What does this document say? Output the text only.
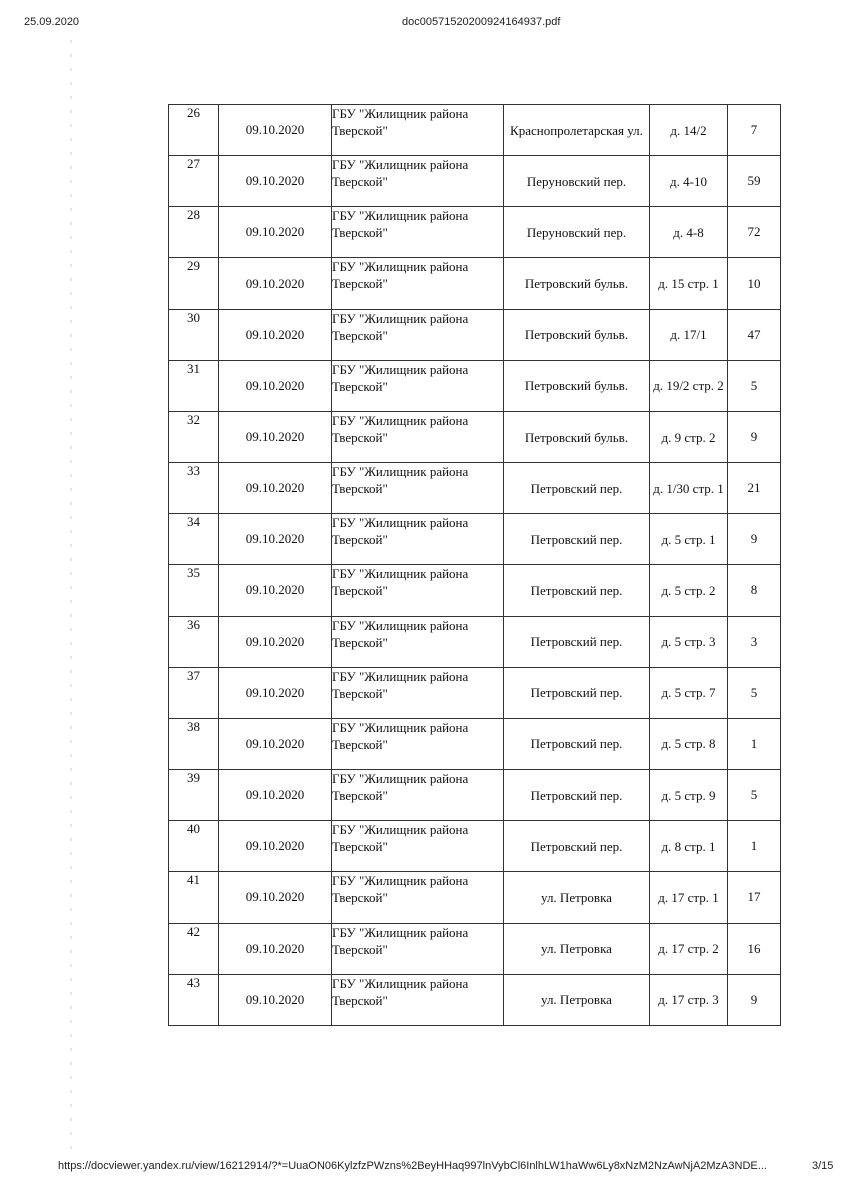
25.09.2020	doc00571520200924164937.pdf
26	09.10.2020	ГБУ "Жилищник района
Тверской"	Краснопролетарская ул.	д. 14/2	7
27	09.10.2020	ГБУ "Жилищник района
Тверской"	Перуновский пер.	д. 4-10	59
28	09.10.2020	ГБУ "Жилищник района
Тверской"	Перуновский пер.	д. 4-8	72
29	09.10.2020	ГБУ "Жилищник района
Тверской"	Петровский бульв.	д. 15 стр. 1	10
30	09.10.2020	ГБУ "Жилищник района
Тверской"	Петровский бульв.	д. 17/1	47
31	09.10.2020	ГБУ "Жилищник района
Тверской"	Петровский бульв.	д. 19/2 стр. 2	5
32	09.10.2020	ГБУ "Жилищник района
Тверской"	Петровский бульв.	д. 9 стр. 2	9
33	09.10.2020	ГБУ "Жилищник района
Тверской"	Петровский пер.	д. 1/30 стр. 1	21
34	09.10.2020	ГБУ "Жилищник района
Тверской"	Петровский пер.	д. 5 стр. 1	9
35	09.10.2020	ГБУ "Жилищник района
Тверской"	Петровский пер.	д. 5 стр. 2	8
36	09.10.2020	ГБУ "Жилищник района
Тверской"	Петровский пер.	д. 5 стр. 3	3
37	09.10.2020	ГБУ "Жилищник района
Тверской"	Петровский пер.	д. 5 стр. 7	5
38	09.10.2020	ГБУ "Жилищник района
Тверской"	Петровский пер.	д. 5 стр. 8	1
39	09.10.2020	ГБУ "Жилищник района
Тверской"	Петровский пер.	д. 5 стр. 9	5
40	09.10.2020	ГБУ "Жилищник района
Тверской"	Петровский пер.	д. 8 стр. 1	1
41	09.10.2020	ГБУ "Жилищник района
Тверской"	ул. Петровка	д. 17 стр. 1	17
42	09.10.2020	ГБУ "Жилищник района
Тверской"	ул. Петровка	д. 17 стр. 2	16
43	09.10.2020	ГБУ "Жилищник района
Тверской"	ул. Петровка	д. 17 стр. 3	9
https://docviewer.yandex.ru/view/16212914/?*=UuaON06KylzfzPWzns%2BeyHHaq997lnVybCl6InlhLW1haWw6Ly8xNzM2NzAwNjA2MzA3NDE...	3/15
